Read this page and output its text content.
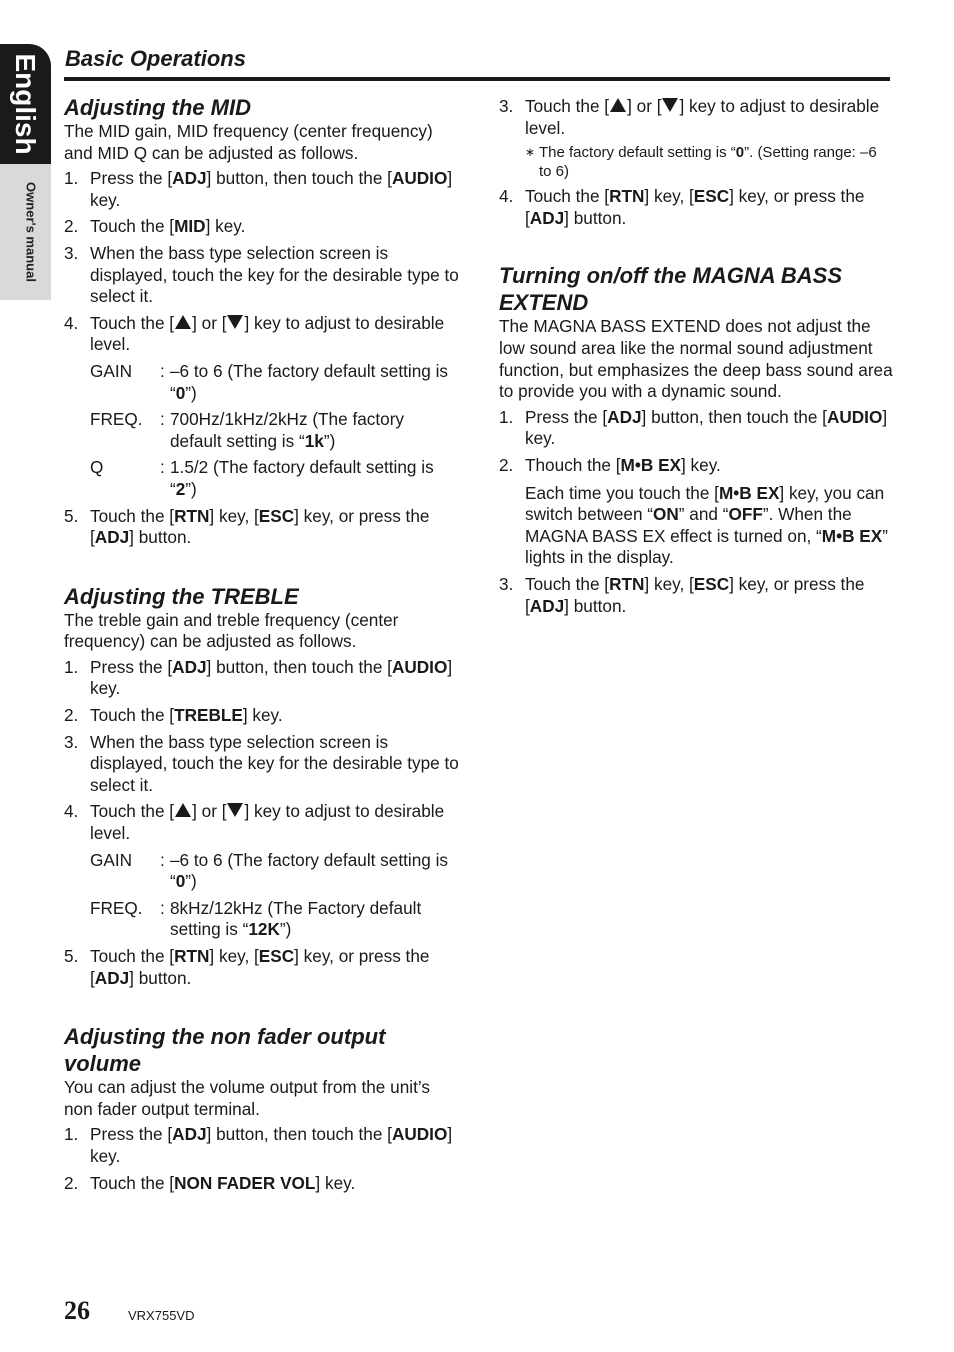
English
Owner's manual
Basic Operations
Adjusting the MID

The MID gain, MID frequency (center frequency) and MID Q can be adjusted as follows.

1. Press the [ADJ] button, then touch the [AUDIO] key.
2. Touch the [MID] key.
3. When the bass type selection screen is displayed, touch the key for the desirable type to select it.
4. Touch the [ ] or [ ] key to adjust to desirable level.
GAIN	: –6 to 6 (The factory default setting is “0”)
FREQ.	: 700Hz/1kHz/2kHz (The factory default setting is “1k”)
Q	: 1.5/2 (The factory default setting is “2”)
5. Touch the [RTN] key, [ESC] key, or press the [ADJ] button.
Adjusting the TREBLE

The treble gain and treble frequency (center frequency) can be adjusted as follows.

1. Press the [ADJ] button, then touch the [AUDIO] key.
2. Touch the [TREBLE] key.
3. When the bass type selection screen is displayed, touch the key for the desirable type to select it.
4. Touch the [ ] or [ ] key to adjust to desirable level.
GAIN	: –6 to 6 (The factory default setting is “0”)
FREQ.	: 8kHz/12kHz (The Factory default setting is “12K”)
5. Touch the [RTN] key, [ESC] key, or press the [ADJ] button.
Adjusting the non fader output volume

You can adjust the volume output from the unit’s non fader output terminal.

1. Press the [ADJ] button, then touch the [AUDIO] key.
2. Touch the [NON FADER VOL] key.
3. Touch the [ ] or [ ] key to adjust to desirable level.
∗ The factory default setting is “0”. (Setting range: –6 to 6)
4. Touch the [RTN] key, [ESC] key, or press the [ADJ] button.
Turning on/off the MAGNA BASS EXTEND

The MAGNA BASS EXTEND does not adjust the low sound area like the normal sound adjustment function, but emphasizes the deep bass sound area to provide you with a dynamic sound.

1. Press the [ADJ] button, then touch the [AUDIO] key.
2. Thouch the [M•B EX] key.
Each time you touch the [M•B EX] key, you can switch between “ON” and “OFF”. When the MAGNA BASS EX effect is turned on, “M•B EX” lights in the display.
3. Touch the [RTN] key, [ESC] key, or press the [ADJ] button.
26	VRX755VD
